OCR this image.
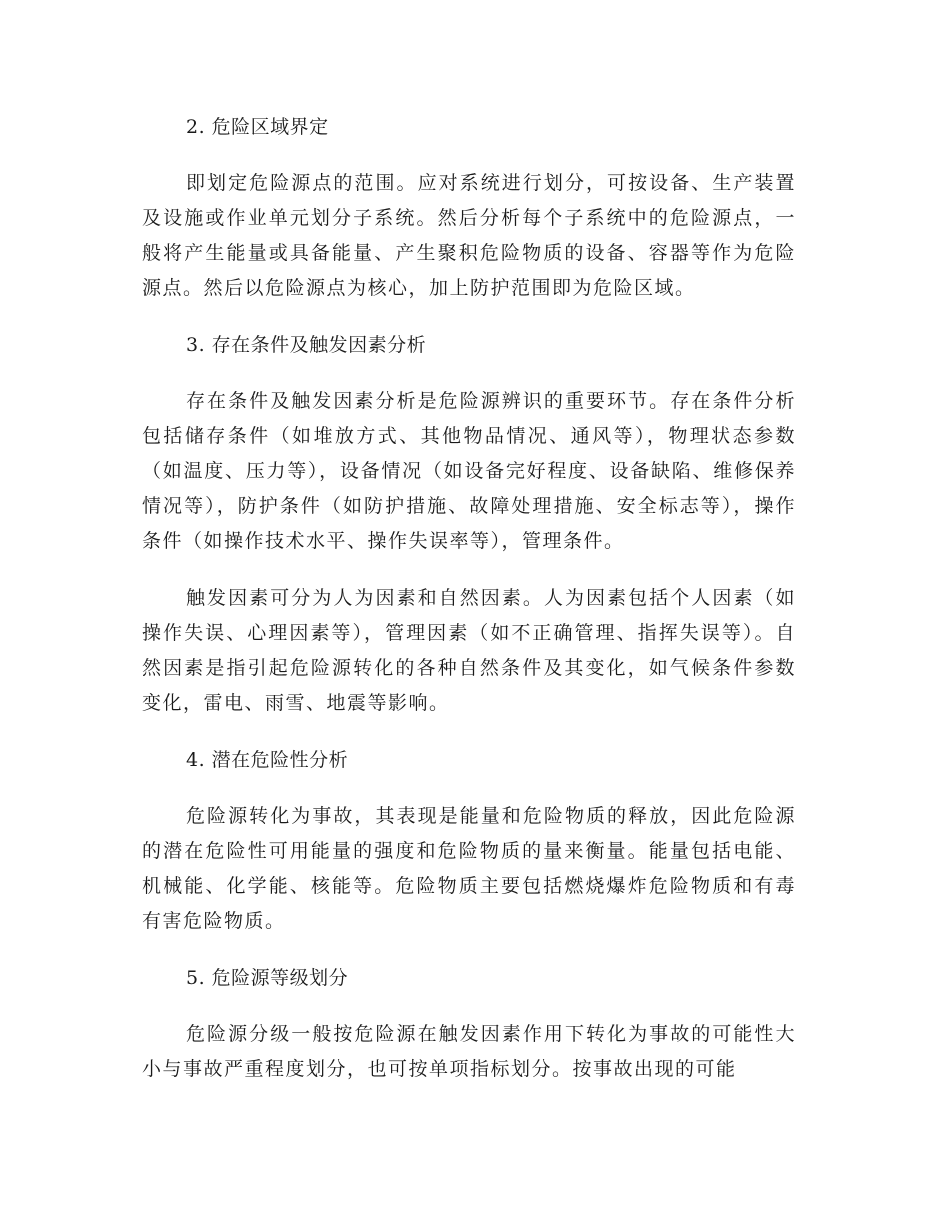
2. 危险区域界定

即划定危险源点的范围。应对系统进行划分，可按设备、生产装置及设施或作业单元划分子系统。然后分析每个子系统中的危险源点，一般将产生能量或具备能量、产生聚积危险物质的设备、容器等作为危险源点。然后以危险源点为核心，加上防护范围即为危险区域。

3. 存在条件及触发因素分析

存在条件及触发因素分析是危险源辨识的重要环节。存在条件分析包括储存条件（如堆放方式、其他物品情况、通风等），物理状态参数（如温度、压力等），设备情况（如设备完好程度、设备缺陷、维修保养情况等），防护条件（如防护措施、故障处理措施、安全标志等），操作条件（如操作技术水平、操作失误率等），管理条件。

触发因素可分为人为因素和自然因素。人为因素包括个人因素（如操作失误、心理因素等），管理因素（如不正确管理、指挥失误等）。自然因素是指引起危险源转化的各种自然条件及其变化，如气候条件参数变化，雷电、雨雪、地震等影响。

4. 潜在危险性分析

危险源转化为事故，其表现是能量和危险物质的释放，因此危险源的潜在危险性可用能量的强度和危险物质的量来衡量。能量包括电能、机械能、化学能、核能等。危险物质主要包括燃烧爆炸危险物质和有毒有害危险物质。

5. 危险源等级划分

危险源分级一般按危险源在触发因素作用下转化为事故的可能性大小与事故严重程度划分，也可按单项指标划分。按事故出现的可能
